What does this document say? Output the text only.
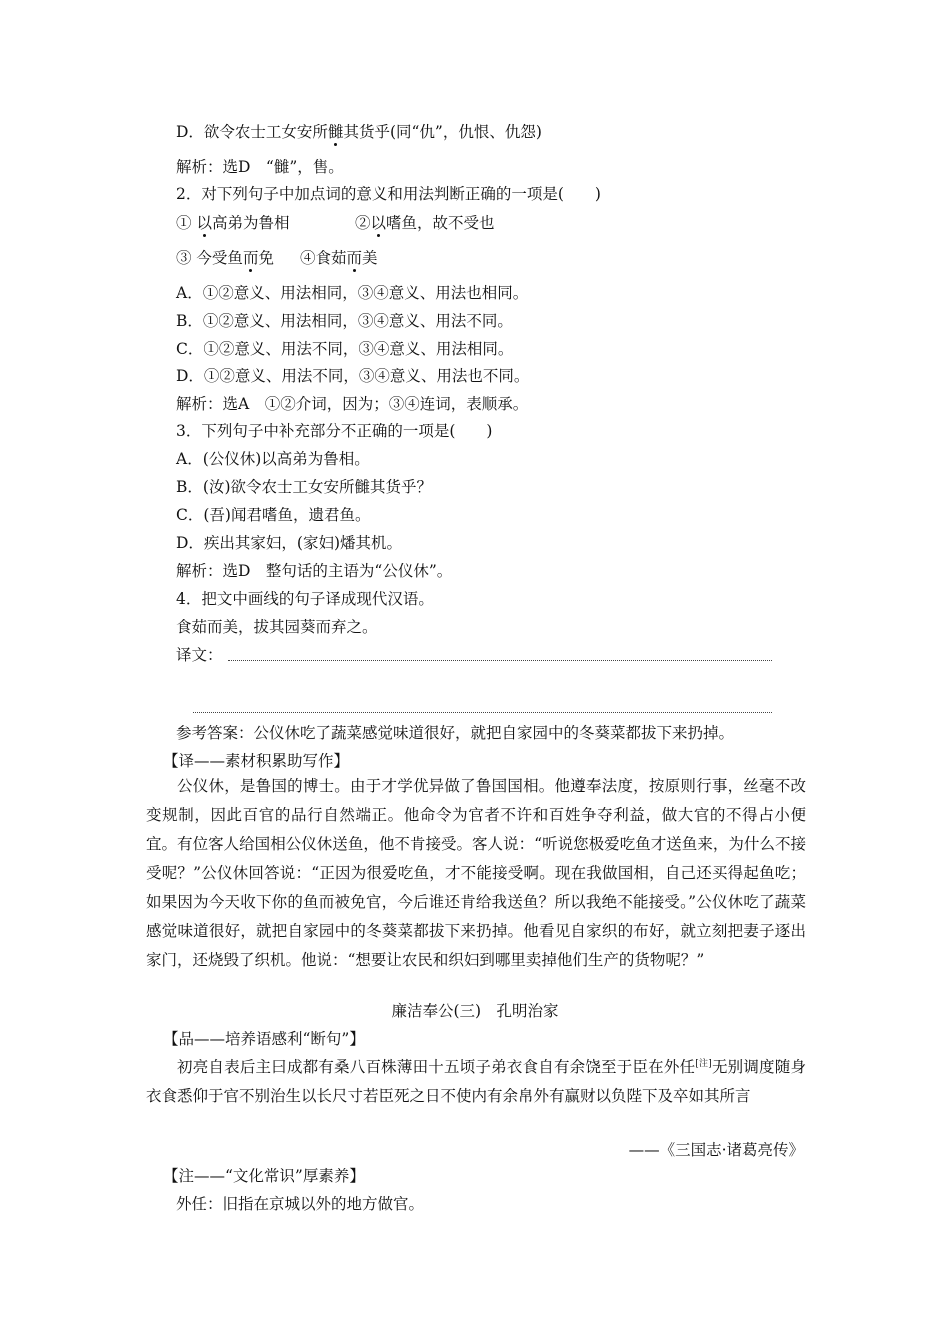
D．欲令农士工女安所雠其货乎(同“仇”，仇恨、仇怨)
解析：选D　“雠”，售。
2．对下列句子中加点词的意义和用法判断正确的一项是(　　)
① 以高弟为鲁相	②以嗜鱼，故不受也
③ 今受鱼而免 ④食茹而美
A．①②意义、用法相同，③④意义、用法也相同。
B．①②意义、用法相同，③④意义、用法不同。
C．①②意义、用法不同，③④意义、用法相同。
D．①②意义、用法不同，③④意义、用法也不同。
解析：选A　①②介词，因为；③④连词，表顺承。
3．下列句子中补充部分不正确的一项是(　　)
A．(公仪休)以高弟为鲁相。
B．(汝)欲令农士工女安所雠其货乎？
C．(吾)闻君嗜鱼，遗君鱼。
D．疾出其家妇，(家妇)燔其机。
解析：选D　整句话的主语为“公仪休”。
4．把文中画线的句子译成现代汉语。
食茹而美，拔其园葵而弃之。
译文：
参考答案：公仪休吃了蔬菜感觉味道很好，就把自家园中的冬葵菜都拔下来扔掉。
【译——素材积累助写作】
公仪休，是鲁国的博士。由于才学优异做了鲁国国相。他遵奉法度，按原则行事，丝毫不改变规制，因此百官的品行自然端正。他命令为官者不许和百姓争夺利益，做大官的不得占小便宜。有位客人给国相公仪休送鱼，他不肯接受。客人说：“听说您极爱吃鱼才送鱼来，为什么不接受呢？”公仪休回答说：“正因为很爱吃鱼，才不能接受啊。现在我做国相，自己还买得起鱼吃；如果因为今天收下你的鱼而被免官，今后谁还肯给我送鱼？所以我绝不能接受。”公仪休吃了蔬菜感觉味道很好，就把自家园中的冬葵菜都拔下来扔掉。他看见自家织的布好，就立刻把妻子逐出家门，还烧毁了织机。他说：“想要让农民和织妇到哪里卖掉他们生产的货物呢？”
廉洁奉公(三)　孔明治家
【品——培养语感利“断句”】
初亮自表后主曰成都有桑八百株薄田十五顷子弟衣食自有余饶至于臣在外任[注]无别调度随身衣食悉仰于官不别治生以长尺寸若臣死之日不使内有余帛外有赢财以负陛下及卒如其所言
——《三国志·诸葛亮传》
【注——“文化常识”厚素养】
外任：旧指在京城以外的地方做官。
